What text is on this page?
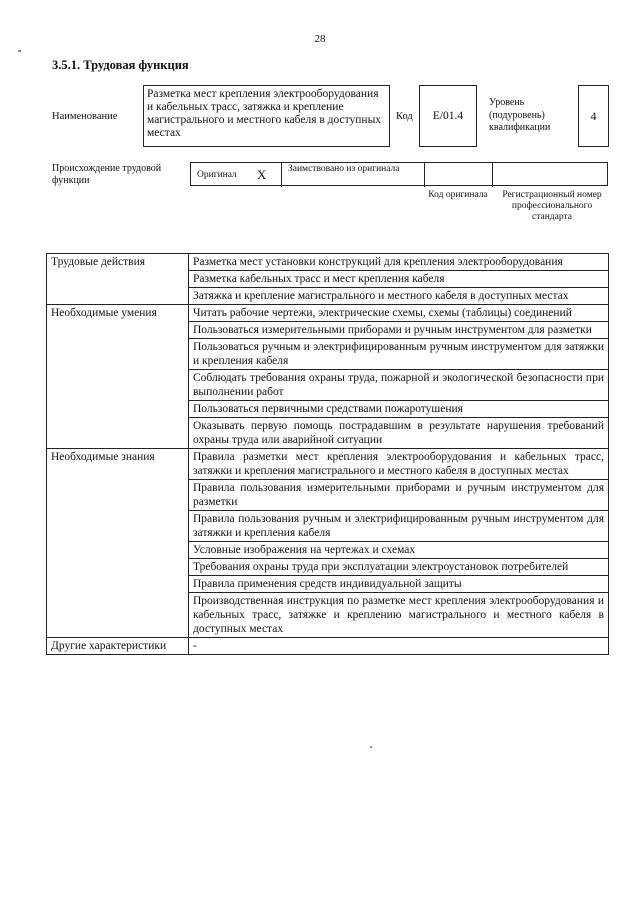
28
3.5.1. Трудовая функция
Наименование
Разметка мест крепления электрооборудования и кабельных трасс, затяжка и крепление магистрального и местного кабеля в доступных местах
Код	E/01.4
Уровень (подуровень) квалификации
4
Происхождение трудовой функции	Оригинал X Заимствовано из оригинала
Код оригинала Регистрационный номер профессионального стандарта
Трудовые действия	Разметка мест установки конструкций для крепления электрооборудования
	Разметка кабельных трасс и мест крепления кабеля
	Затяжка и крепление магистрального и местного кабеля в доступных местах
Необходимые умения	Читать рабочие чертежи, электрические схемы, схемы (таблицы) соединений
	Пользоваться измерительными приборами и ручным инструментом для разметки
	Пользоваться ручным и электрифицированным ручным инструментом для затяжки и крепления кабеля
	Соблюдать требования охраны труда, пожарной и экологической безопасности при выполнении работ
	Пользоваться первичными средствами пожаротушения
	Оказывать первую помощь пострадавшим в результате нарушения требований охраны труда или аварийной ситуации
Необходимые знания	Правила разметки мест крепления электрооборудования и кабельных трасс, затяжки и крепления магистрального и местного кабеля в доступных местах
	Правила пользования измерительными приборами и ручным инструментом для разметки
	Правила пользования ручным и электрифицированным ручным инструментом для затяжки и крепления кабеля
	Условные изображения на чертежах и схемах
	Требования охраны труда при эксплуатации электроустановок потребителей
	Правила применения средств индивидуальной защиты
	Производственная инструкция по разметке мест крепления электрооборудования и кабельных трасс, затяжке и креплению магистрального и местного кабеля в доступных местах
Другие характеристики	-
